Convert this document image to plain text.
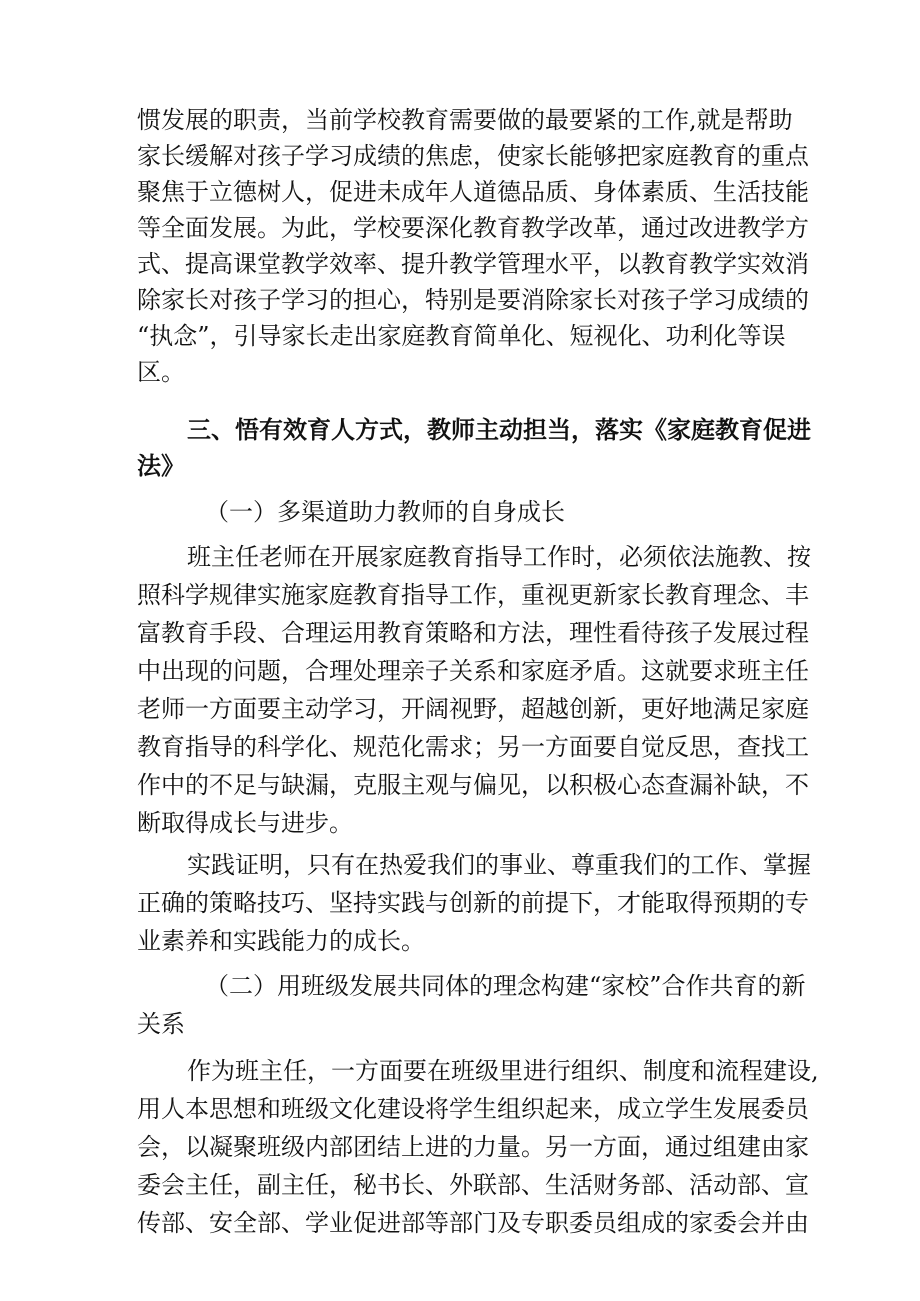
惯发展的职责，当前学校教育需要做的最要紧的工作,就是帮助
家长缓解对孩子学习成绩的焦虑，使家长能够把家庭教育的重点
聚焦于立德树人，促进未成年人道德品质、身体素质、生活技能
等全面发展。为此，学校要深化教育教学改革，通过改进教学方
式、提高课堂教学效率、提升教学管理水平，以教育教学实效消
除家长对孩子学习的担心，特别是要消除家长对孩子学习成绩的
“执念”，引导家长走出家庭教育简单化、短视化、功利化等误
区。
三、悟有效育人方式，教师主动担当，落实《家庭教育促进
法》
（一）多渠道助力教师的自身成长
班主任老师在开展家庭教育指导工作时，必须依法施教、按
照科学规律实施家庭教育指导工作，重视更新家长教育理念、丰
富教育手段、合理运用教育策略和方法，理性看待孩子发展过程
中出现的问题，合理处理亲子关系和家庭矛盾。这就要求班主任
老师一方面要主动学习，开阔视野，超越创新，更好地满足家庭
教育指导的科学化、规范化需求；另一方面要自觉反思，查找工
作中的不足与缺漏，克服主观与偏见，以积极心态查漏补缺，不
断取得成长与进步。
实践证明，只有在热爱我们的事业、尊重我们的工作、掌握
正确的策略技巧、坚持实践与创新的前提下，才能取得预期的专
业素养和实践能力的成长。
（二）用班级发展共同体的理念构建“家校”合作共育的新
关系
作为班主任，一方面要在班级里进行组织、制度和流程建设,
用人本思想和班级文化建设将学生组织起来，成立学生发展委员
会，以凝聚班级内部团结上进的力量。另一方面，通过组建由家
委会主任，副主任，秘书长、外联部、生活财务部、活动部、宣
传部、安全部、学业促进部等部门及专职委员组成的家委会并由
